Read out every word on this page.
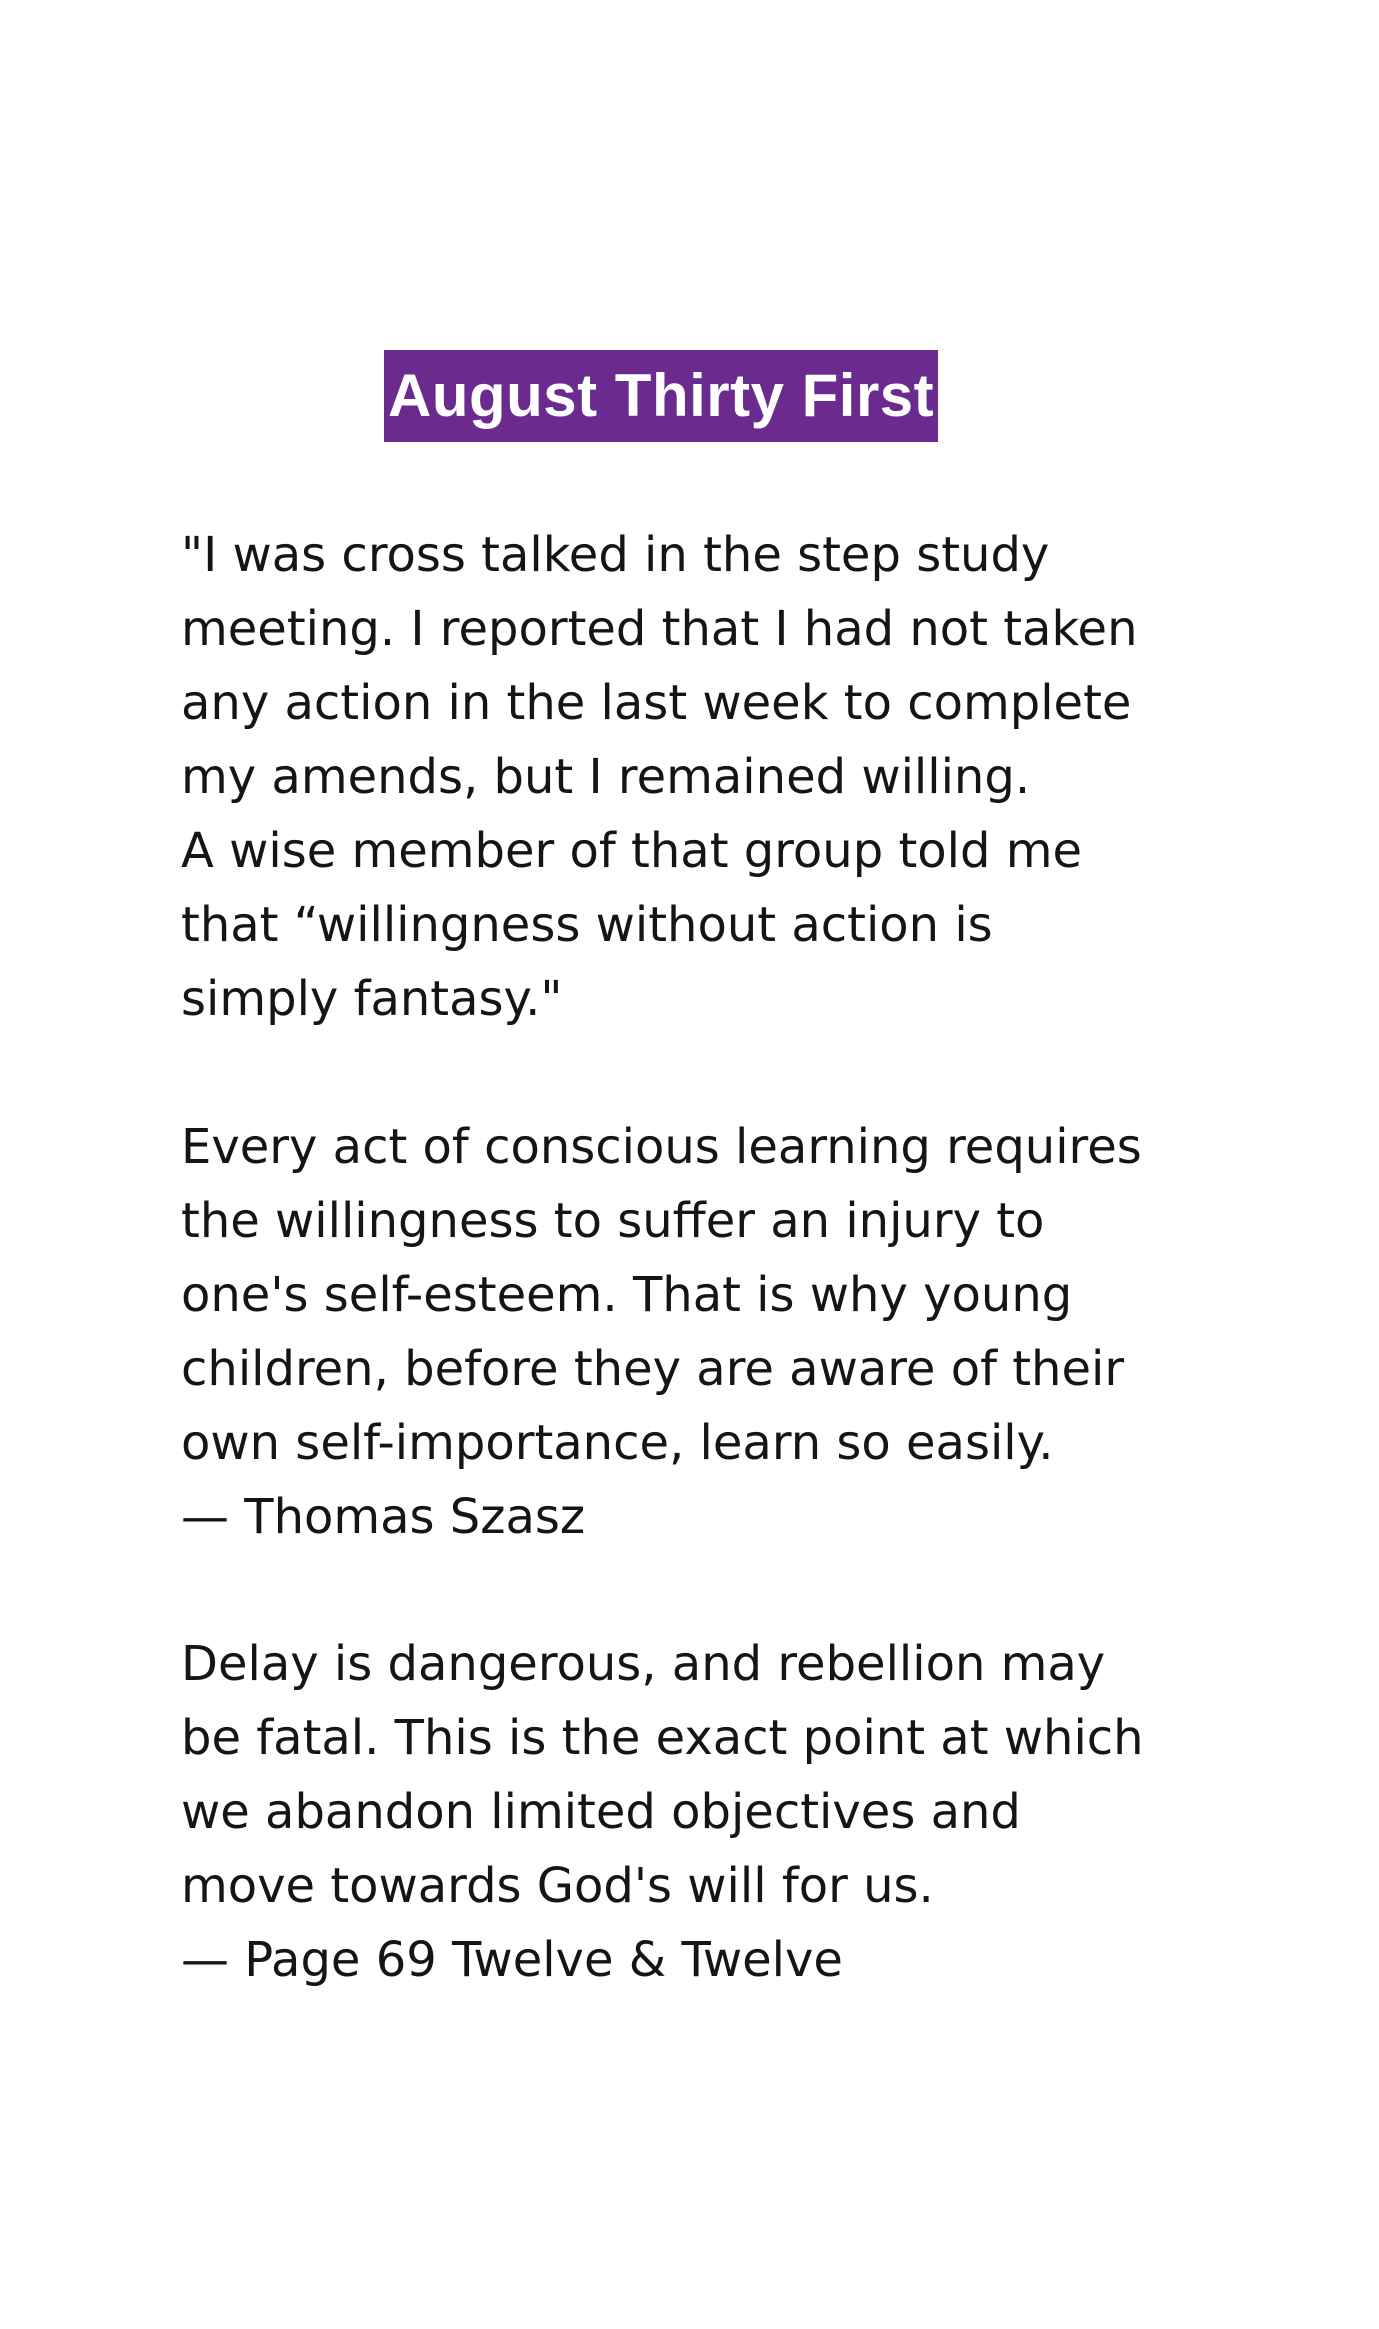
August Thirty First
"I was cross talked in the step study
meeting. I reported that I had not taken
any action in the last week to complete
my amends, but I remained willing.
A wise member of that group told me
that “willingness without action is
simply fantasy."
Every act of conscious learning requires
the willingness to suffer an injury to
one's self-esteem. That is why young
children, before they are aware of their
own self-importance, learn so easily.
— Thomas Szasz
Delay is dangerous, and rebellion may
be fatal. This is the exact point at which
we abandon limited objectives and
move towards God's will for us.
— Page 69 Twelve & Twelve
